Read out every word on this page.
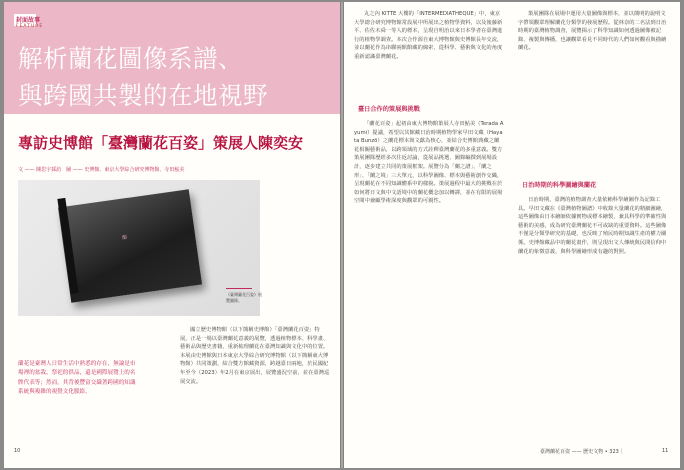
封面故事
FEATURE
解析蘭花圖像系譜、
與跨國共製的在地視野
專訪史博館「臺灣蘭花百姿」策展人陳奕安
文 —— 陳思宇採訪　圖 —— 史博館、東京大學綜合研究博物館、寺田鮎美
蘭
《臺灣蘭花百姿》展覽圖錄。
蘭花是臺灣人日常生活中熟悉的存在，無論是市場裡的盆栽、祭祀的供品，還是國際展覽上的名牌代表等；然而，其背後豐富交織著跨國的知識系統與複雜的視覺文化脈絡。

國立歷史博物館（以下簡稱史博館）「臺灣蘭花百姿」特展，正是一場以臺灣蘭花意義的展覽，透過植物標本、科學畫、藝術品與歷史書籍，重新梳理蘭花在臺灣知識與文化中的位置。本展由史博館與日本東京大學綜合研究博物館（以下簡稱東大博物館）共同策劃，結合雙方館藏資源，跨越臺日兩地，於民國紀年至今（2023）年2月在東京展出，展覽盛況空前，並在臺灣巡展交流。

10

丸之內 KITTE 大樓的「INTERMEDIATHEQUE」中，東京大學總合研究博物館常設展中所展出之植物學資料，以及後藤新平、佐佐木舜一等人的標本，呈現自明治以來日本學者在臺灣進行的植物學調查。本次合作源自東大博物館與史博館長年交流，並以蘭花作為串聯兩館館藏的線索，從科學、藝術與文化的角度重新認識臺灣蘭花。

臺日合作的策展與挑戰

「蘭花百姿」起初由東大博物館策展人寺田鮎美（Terada Ayumi）提議，希望以其館藏日治時期植物學家早田文藏（Hayata Bunzō）之蘭花標本與文獻為核心，並結合史博館典藏之蘭花相關藝術品，以跨領域的方式詮釋臺灣蘭花的多重意義。雙方策展團隊歷經多次往返討論，從展品挑選、圖錄編撰到展場設計，逐步建立共同的策展框架。展覽分為「蘭之譜」、「蘭之形」、「蘭之境」三大單元，以科學圖像、標本與藝術創作交織，呈現蘭花在不同知識體系中的樣貌。策展過程中最大的挑戰在於如何將日文與中文語境中的蘭花概念加以轉譯，並在有限的展場空間中兼顧學術深度與觀眾的可親性。

策展團隊在展場中運用大量圖像與標本，並以簡明的說明文字帶領觀眾理解蘭花分類學的發展歷程。從林奈的二名法到日治時期的臺灣植物調查，展覽揭示了科學知識如何透過圖像被記錄、複製與傳播，也讓觀眾看見不同時代的人們如何觀看與描繪蘭花。

日治時期的科學圖繪與蘭花

日治時期，臺灣的植物調查大量依賴科學繪圖作為記錄工具。早田文藏在《臺灣植物圖譜》中收錄大量蘭花的精細圖繪，這些圖像由日本繪師依據實物或標本繪製，兼具科學的準確性與藝術的美感，成為研究臺灣蘭花不可或缺的重要資料。這些圖像不僅是分類學研究的基礎，也反映了殖民時期知識生產的權力關係。史博館藏品中的蘭花畫作，則呈現出文人傳統與民間信仰中蘭花的象徵意義，與科學圖繪形成有趣的對照。

臺灣蘭花百姿 —— 歷史文物 • 323｜	11
